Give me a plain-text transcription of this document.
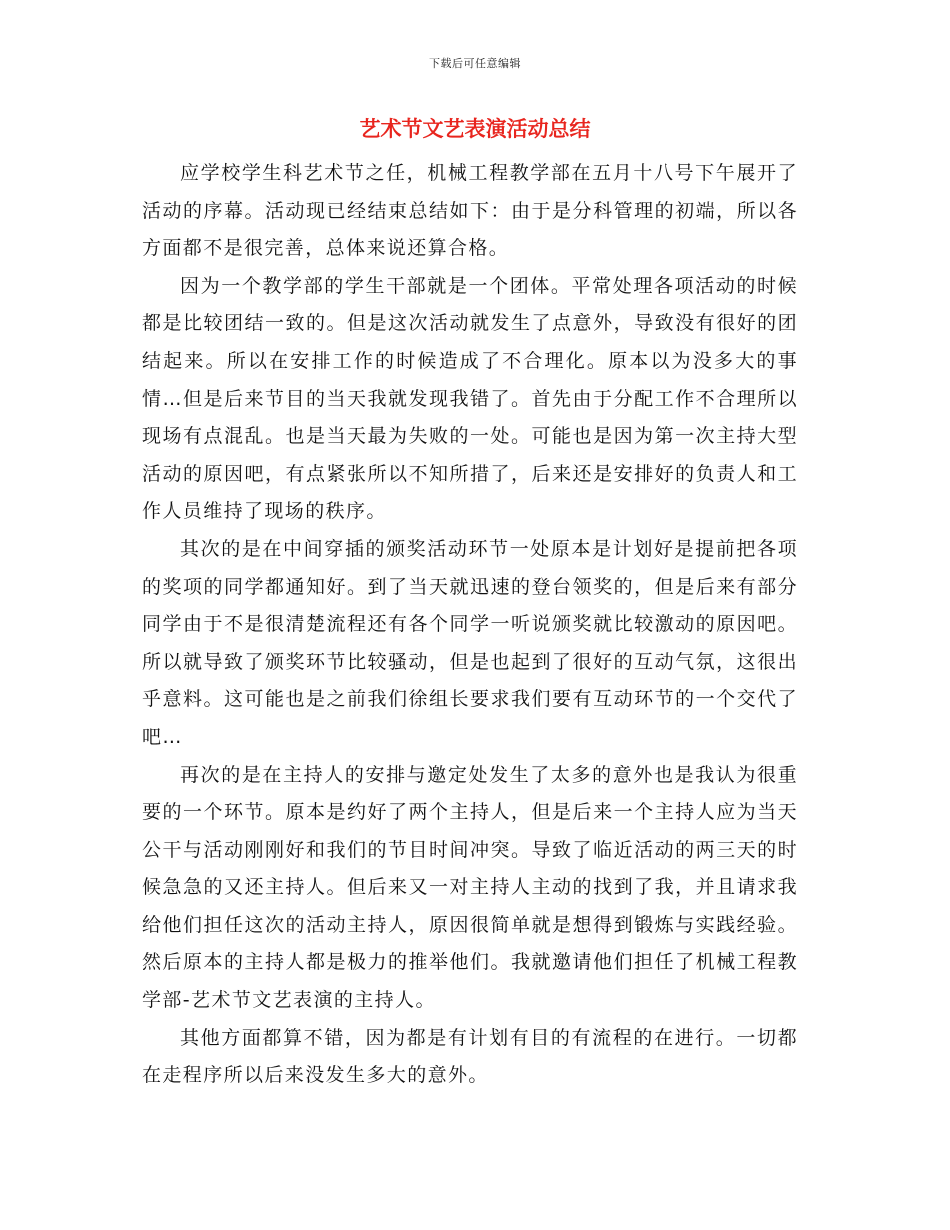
下载后可任意编辑
艺术节文艺表演活动总结

应学校学生科艺术节之任，机械工程教学部在五月十八号下午展开了活动的序幕。活动现已经结束总结如下：由于是分科管理的初端，所以各方面都不是很完善，总体来说还算合格。

因为一个教学部的学生干部就是一个团体。平常处理各项活动的时候都是比较团结一致的。但是这次活动就发生了点意外，导致没有很好的团结起来。所以在安排工作的时候造成了不合理化。原本以为没多大的事情…但是后来节目的当天我就发现我错了。首先由于分配工作不合理所以现场有点混乱。也是当天最为失败的一处。可能也是因为第一次主持大型活动的原因吧，有点紧张所以不知所措了，后来还是安排好的负责人和工作人员维持了现场的秩序。

其次的是在中间穿插的颁奖活动环节一处原本是计划好是提前把各项的奖项的同学都通知好。到了当天就迅速的登台领奖的，但是后来有部分同学由于不是很清楚流程还有各个同学一听说颁奖就比较激动的原因吧。所以就导致了颁奖环节比较骚动，但是也起到了很好的互动气氛，这很出乎意料。这可能也是之前我们徐组长要求我们要有互动环节的一个交代了吧…

再次的是在主持人的安排与邀定处发生了太多的意外也是我认为很重要的一个环节。原本是约好了两个主持人，但是后来一个主持人应为当天公干与活动刚刚好和我们的节目时间冲突。导致了临近活动的两三天的时候急急的又还主持人。但后来又一对主持人主动的找到了我，并且请求我给他们担任这次的活动主持人，原因很简单就是想得到锻炼与实践经验。然后原本的主持人都是极力的推举他们。我就邀请他们担任了机械工程教学部-艺术节文艺表演的主持人。

其他方面都算不错，因为都是有计划有目的有流程的在进行。一切都在走程序所以后来没发生多大的意外。
